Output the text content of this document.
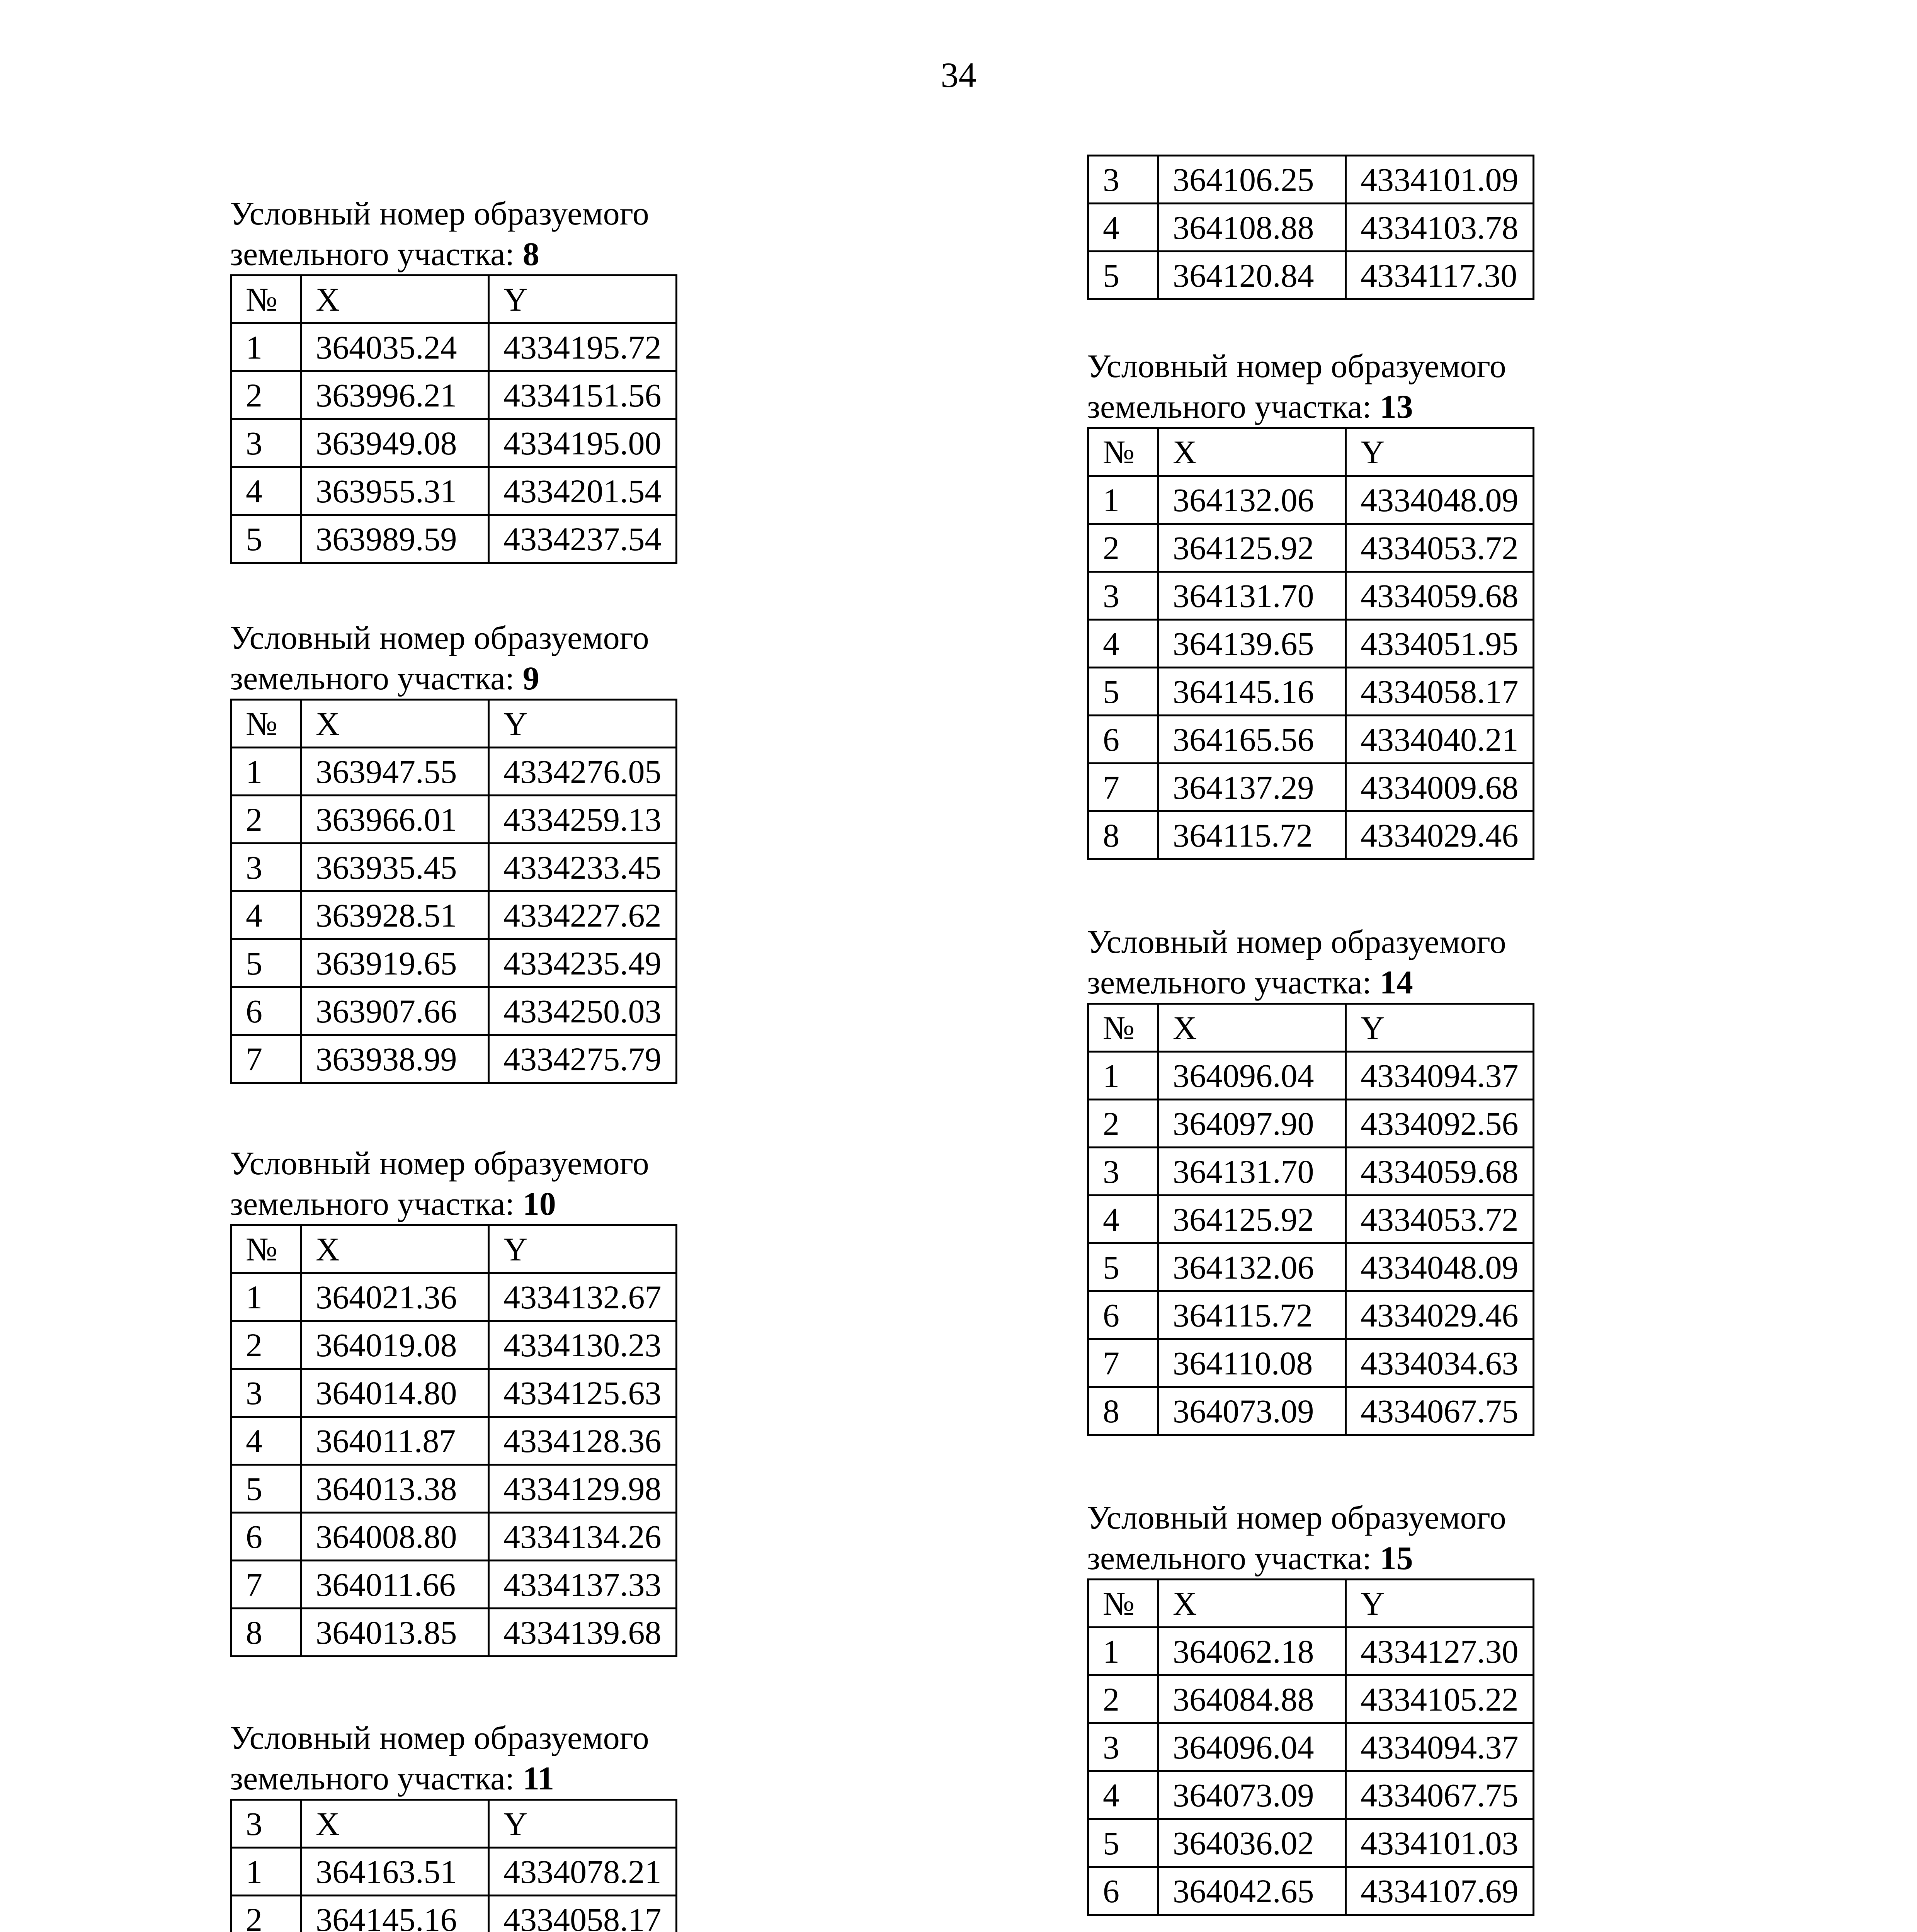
34
Условный номер образуемого
земельного участка: 8
№	X	Y
1	364035.24	4334195.72
2	363996.21	4334151.56
3	363949.08	4334195.00
4	363955.31	4334201.54
5	363989.59	4334237.54
Условный номер образуемого
земельного участка: 9
№	X	Y
1	363947.55	4334276.05
2	363966.01	4334259.13
3	363935.45	4334233.45
4	363928.51	4334227.62
5	363919.65	4334235.49
6	363907.66	4334250.03
7	363938.99	4334275.79
Условный номер образуемого
земельного участка: 10
№	X	Y
1	364021.36	4334132.67
2	364019.08	4334130.23
3	364014.80	4334125.63
4	364011.87	4334128.36
5	364013.38	4334129.98
6	364008.80	4334134.26
7	364011.66	4334137.33
8	364013.85	4334139.68
Условный номер образуемого
земельного участка: 11
3	X	Y
1	364163.51	4334078.21
2	364145.16	4334058.17

3	364106.25	4334101.09
4	364108.88	4334103.78
5	364120.84	4334117.30
Условный номер образуемого
земельного участка: 13
№	X	Y
1	364132.06	4334048.09
2	364125.92	4334053.72
3	364131.70	4334059.68
4	364139.65	4334051.95
5	364145.16	4334058.17
6	364165.56	4334040.21
7	364137.29	4334009.68
8	364115.72	4334029.46
Условный номер образуемого
земельного участка: 14
№	X	Y
1	364096.04	4334094.37
2	364097.90	4334092.56
3	364131.70	4334059.68
4	364125.92	4334053.72
5	364132.06	4334048.09
6	364115.72	4334029.46
7	364110.08	4334034.63
8	364073.09	4334067.75
Условный номер образуемого
земельного участка: 15
№	X	Y
1	364062.18	4334127.30
2	364084.88	4334105.22
3	364096.04	4334094.37
4	364073.09	4334067.75
5	364036.02	4334101.03
6	364042.65	4334107.69
